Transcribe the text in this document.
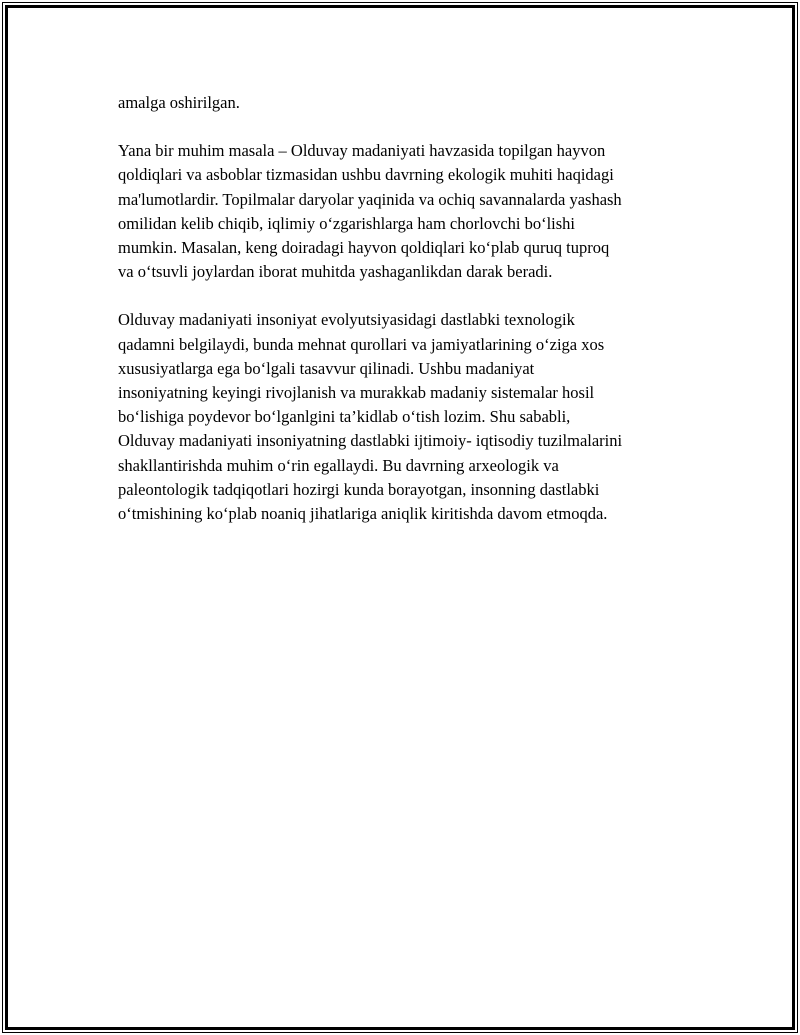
amalga oshirilgan.

Yana bir muhim masala – Olduvay madaniyati havzasida topilgan hayvon
qoldiqlari va asboblar tizmasidan ushbu davrning ekologik muhiti haqidagi
ma'lumotlardir. Topilmalar daryolar yaqinida va ochiq savannalarda yashash
omilidan kelib chiqib, iqlimiy o‘zgarishlarga ham chorlovchi bo‘lishi
mumkin. Masalan, keng doiradagi hayvon qoldiqlari ko‘plab quruq tuproq
va o‘tsuvli joylardan iborat muhitda yashaganlikdan darak beradi.

Olduvay madaniyati insoniyat evolyutsiyasidagi dastlabki texnologik
qadamni belgilaydi, bunda mehnat qurollari va jamiyatlarining o‘ziga xos
xususiyatlarga ega bo‘lgali tasavvur qilinadi. Ushbu madaniyat
insoniyatning keyingi rivojlanish va murakkab madaniy sistemalar hosil
bo‘lishiga poydevor bo‘lganlgini ta’kidlab o‘tish lozim. Shu sababli,
Olduvay madaniyati insoniyatning dastlabki ijtimoiy- iqtisodiy tuzilmalarini
shakllantirishda muhim o‘rin egallaydi. Bu davrning arxeologik va
paleontologik tadqiqotlari hozirgi kunda borayotgan, insonning dastlabki
o‘tmishining ko‘plab noaniq jihatlariga aniqlik kiritishda davom etmoqda.
